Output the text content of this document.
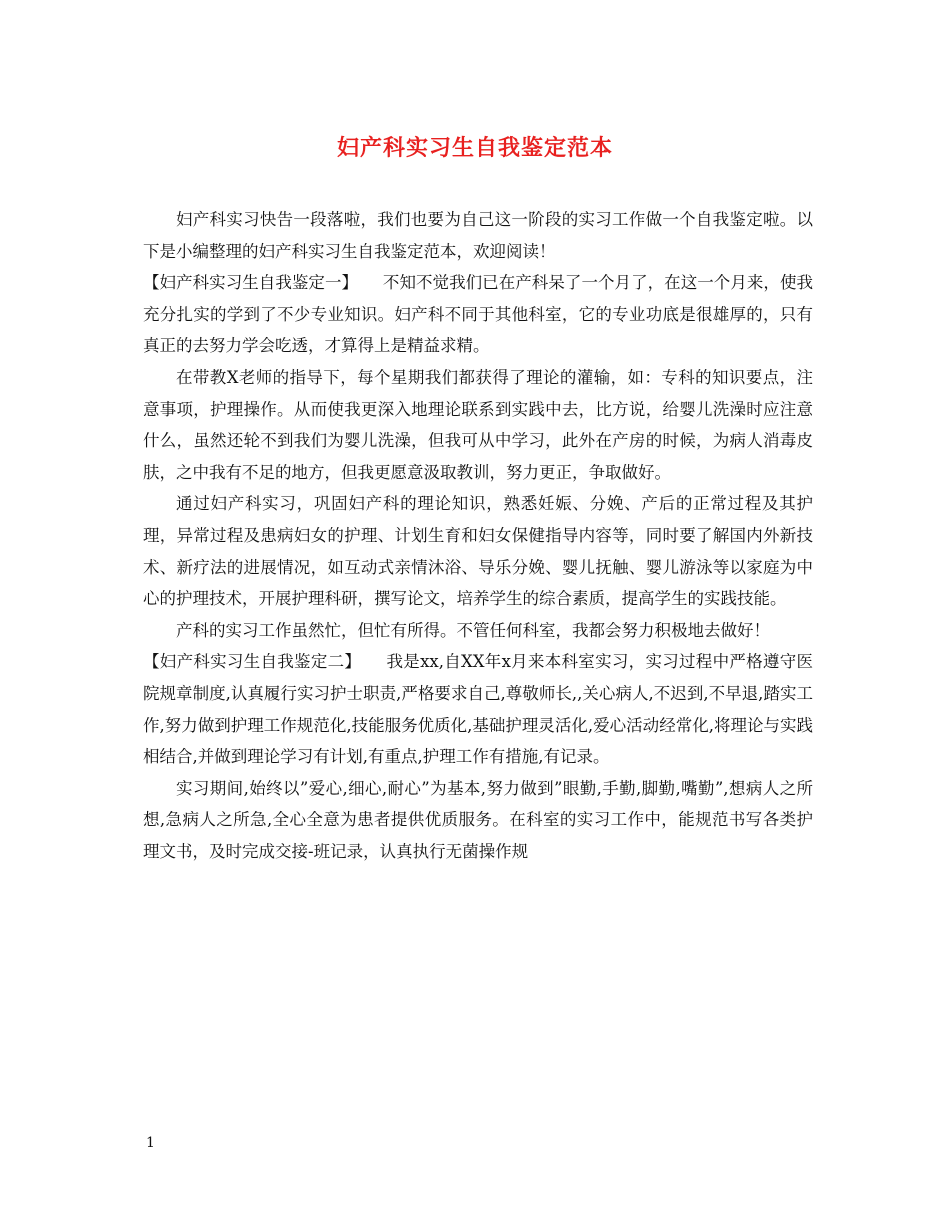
妇产科实习生自我鉴定范本

妇产科实习快告一段落啦，我们也要为自己这一阶段的实习工作做一个自我鉴定啦。以下是小编整理的妇产科实习生自我鉴定范本，欢迎阅读！

【妇产科实习生自我鉴定一】　　不知不觉我们已在产科呆了一个月了，在这一个月来，使我充分扎实的学到了不少专业知识。妇产科不同于其他科室，它的专业功底是很雄厚的，只有真正的去努力学会吃透，才算得上是精益求精。

在带教X老师的指导下，每个星期我们都获得了理论的灌输，如：专科的知识要点，注意事项，护理操作。从而使我更深入地理论联系到实践中去，比方说，给婴儿洗澡时应注意什么，虽然还轮不到我们为婴儿洗澡，但我可从中学习，此外在产房的时候，为病人消毒皮肤，之中我有不足的地方，但我更愿意汲取教训，努力更正，争取做好。

通过妇产科实习，巩固妇产科的理论知识，熟悉妊娠、分娩、产后的正常过程及其护理，异常过程及患病妇女的护理、计划生育和妇女保健指导内容等，同时要了解国内外新技术、新疗法的进展情况，如互动式亲情沐浴、导乐分娩、婴儿抚触、婴儿游泳等以家庭为中心的护理技术，开展护理科研，撰写论文，培养学生的综合素质，提高学生的实践技能。

产科的实习工作虽然忙，但忙有所得。不管任何科室，我都会努力积极地去做好！

【妇产科实习生自我鉴定二】　　我是xx,自XX年x月来本科室实习，实习过程中严格遵守医院规章制度,认真履行实习护士职责,严格要求自己,尊敬师长,,关心病人,不迟到,不早退,踏实工作,努力做到护理工作规范化,技能服务优质化,基础护理灵活化,爱心活动经常化,将理论与实践相结合,并做到理论学习有计划,有重点,护理工作有措施,有记录。

实习期间,始终以”爱心,细心,耐心”为基本,努力做到”眼勤,手勤,脚勤,嘴勤”,想病人之所想,急病人之所急,全心全意为患者提供优质服务。在科室的实习工作中，能规范书写各类护理文书，及时完成交接-班记录，认真执行无菌操作规

1
